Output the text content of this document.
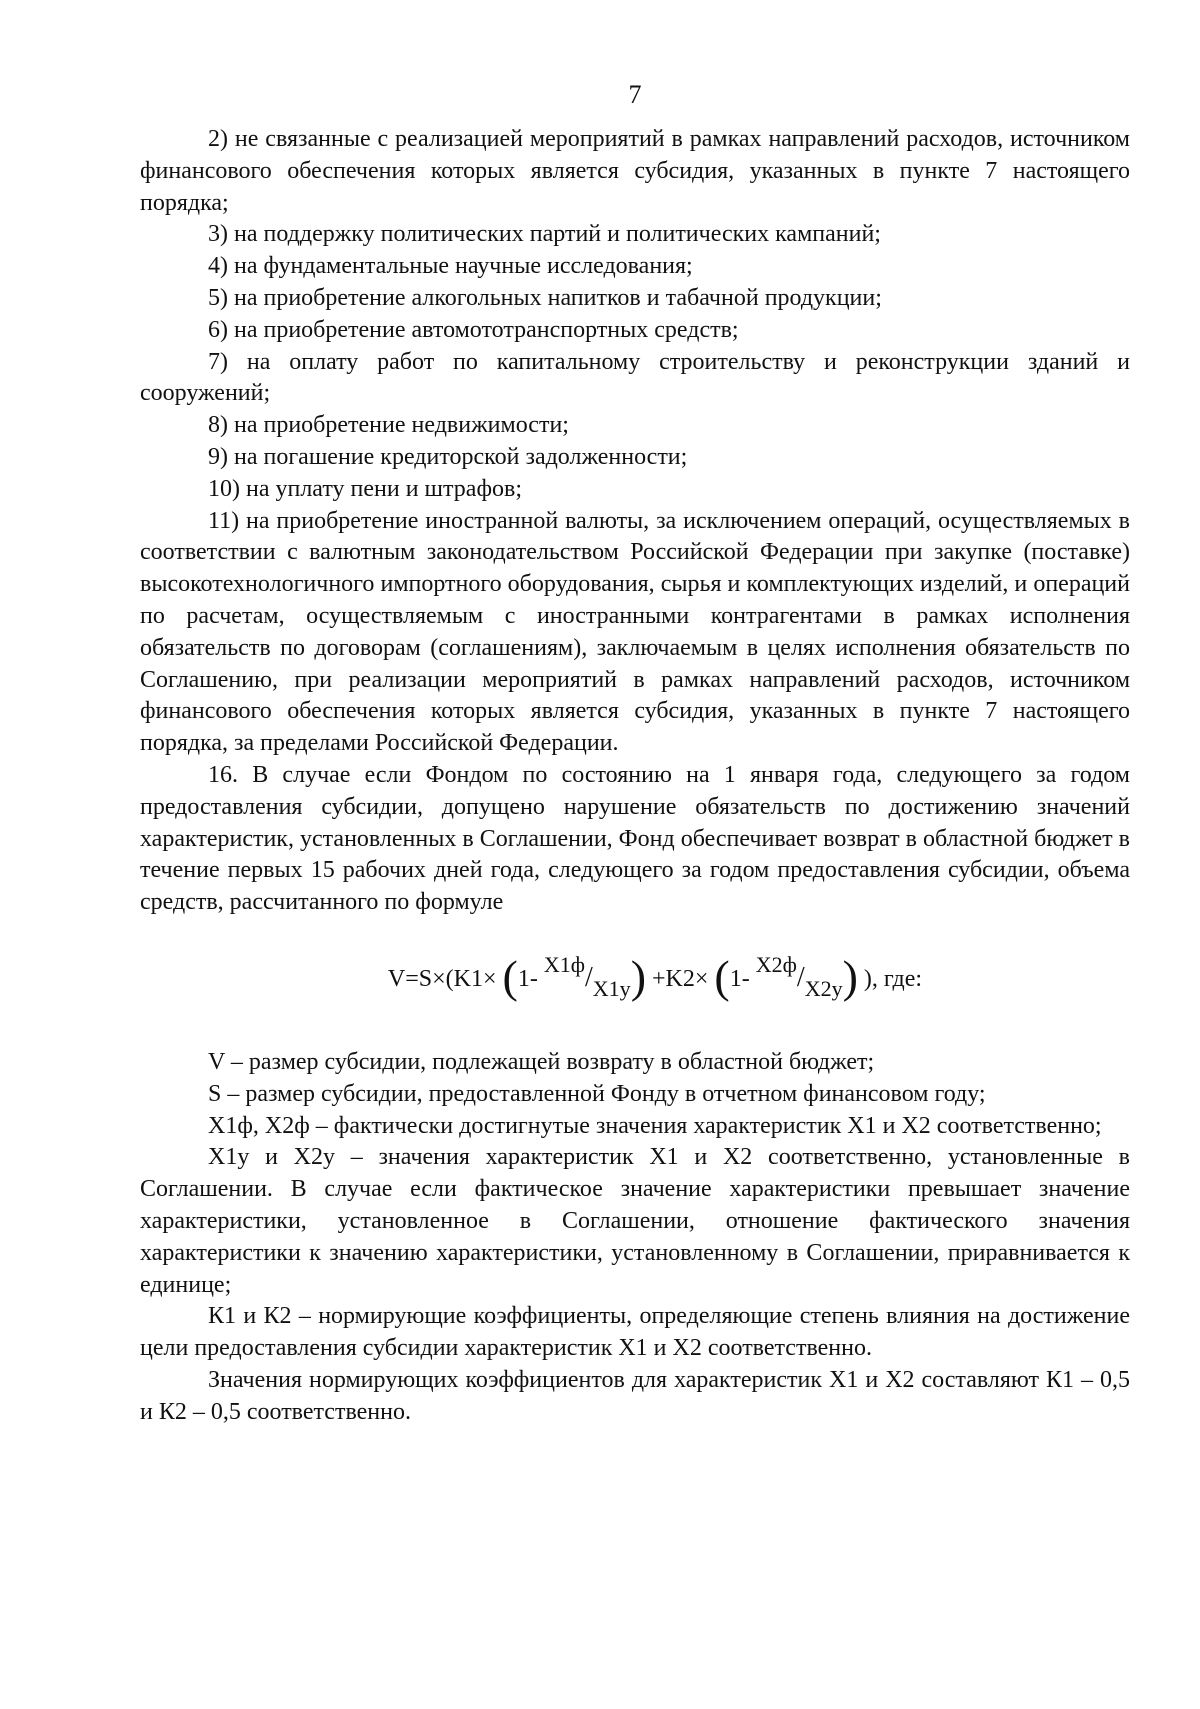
7

2) не связанные с реализацией мероприятий в рамках направлений расходов, источником финансового обеспечения которых является субсидия, указанных в пункте 7 настоящего порядка;

3) на поддержку политических партий и политических кампаний;

4) на фундаментальные научные исследования;

5) на приобретение алкогольных напитков и табачной продукции;

6) на приобретение автомототранспортных средств;

7) на оплату работ по капитальному строительству и реконструкции зданий и сооружений;

8) на приобретение недвижимости;

9) на погашение кредиторской задолженности;

10) на уплату пени и штрафов;

11) на приобретение иностранной валюты, за исключением операций, осуществляемых в соответствии с валютным законодательством Российской Федерации при закупке (поставке) высокотехнологичного импортного оборудования, сырья и комплектующих изделий, и операций по расчетам, осуществляемым с иностранными контрагентами в рамках исполнения обязательств по договорам (соглашениям), заключаемым в целях исполнения обязательств по Соглашению, при реализации мероприятий в рамках направлений расходов, источником финансового обеспечения которых является субсидия, указанных в пункте 7 настоящего порядка, за пределами Российской Федерации.

16. В случае если Фондом по состоянию на 1 января года, следующего за годом предоставления субсидии, допущено нарушение обязательств по достижению значений характеристик, установленных в Соглашении, Фонд обеспечивает возврат в областной бюджет в течение первых 15 рабочих дней года, следующего за годом предоставления субсидии, объема средств, рассчитанного по формуле

V=S×(K1× (1- $^{X1ф}/_{X1y}) +K2\times (1-$ $^{X2ф}/_{X2y}$) ), где:

V – размер субсидии, подлежащей возврату в областной бюджет;

S – размер субсидии, предоставленной Фонду в отчетном финансовом году;

X1ф, X2ф – фактически достигнутые значения характеристик X1 и X2 соответственно;

X1у и X2у – значения характеристик X1 и X2 соответственно, установленные в Соглашении. В случае если фактическое значение характеристики превышает значение характеристики, установленное в Соглашении, отношение фактического значения характеристики к значению характеристики, установленному в Соглашении, приравнивается к единице;

К1 и К2 – нормирующие коэффициенты, определяющие степень влияния на достижение цели предоставления субсидии характеристик X1 и X2 соответственно.

Значения нормирующих коэффициентов для характеристик X1 и X2 составляют К1 – 0,5 и К2 – 0,5 соответственно.
